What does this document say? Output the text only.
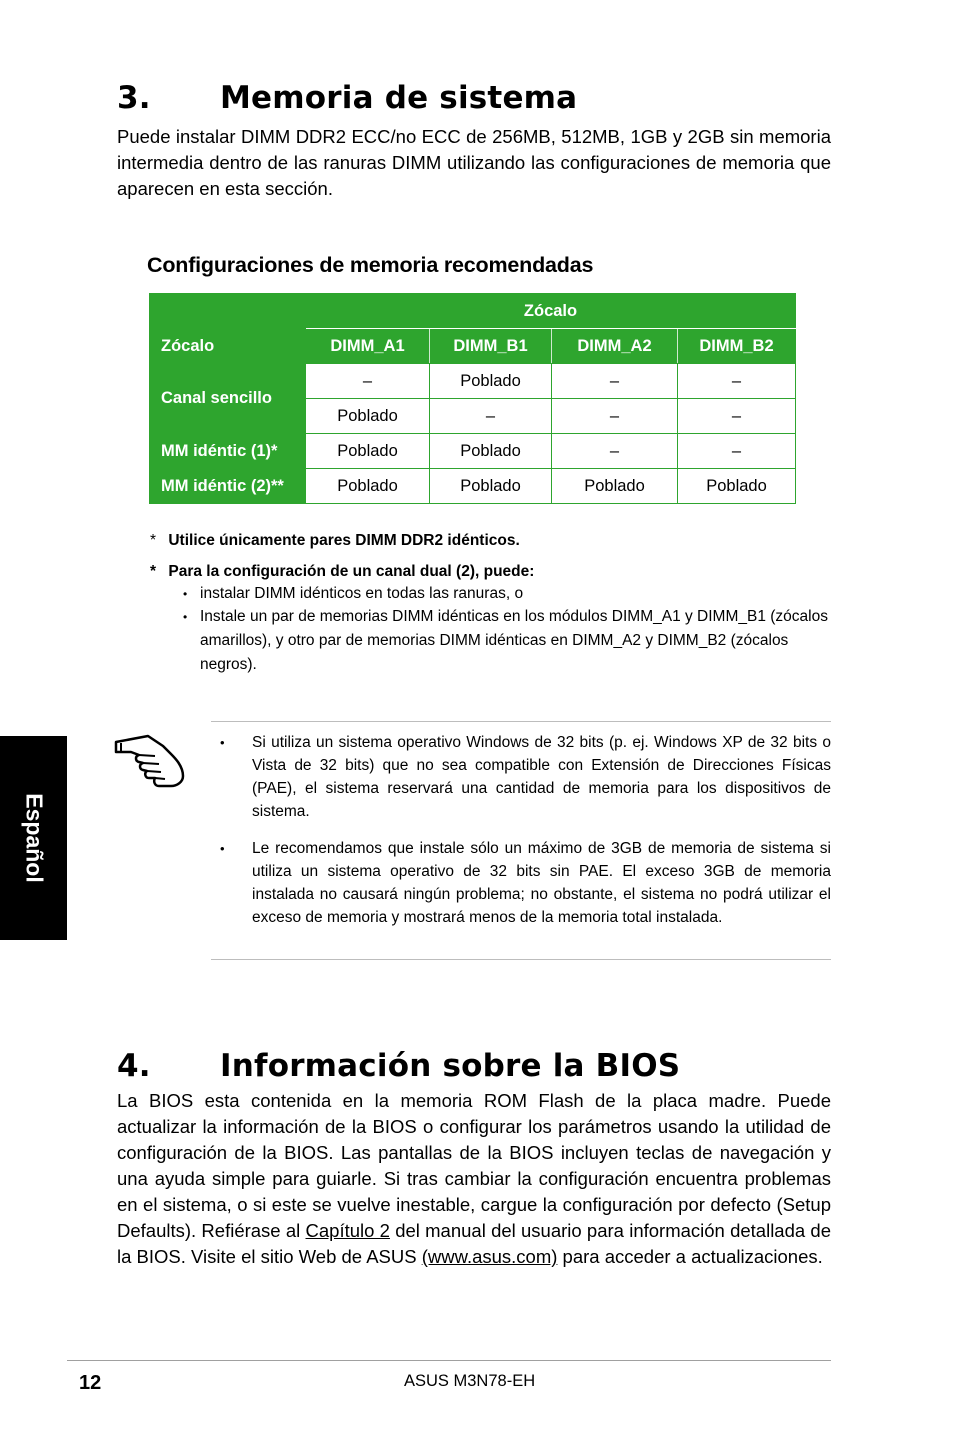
3. Memoria de sistema

Puede instalar DIMM DDR2 ECC/no ECC de 256MB, 512MB, 1GB y 2GB sin memoria intermedia dentro de las ranuras DIMM utilizando las configuraciones de memoria que aparecen en esta sección.

Configuraciones de memoria recomendadas
	Zócalo			
Zócalo	DIMM_A1	DIMM_B1	DIMM_A2	DIMM_B2
Canal sencillo	–	Poblado	–	–
	Poblado	–	–	–
MM idéntic (1)*	Poblado	Poblado	–	–
MM idéntic (2)**	Poblado	Poblado	Poblado	Poblado
* Utilice únicamente pares DIMM DDR2 idénticos.
* Para la configuración de un canal dual (2), puede:
• instalar DIMM idénticos en todas las ranuras, o
• Instale un par de memorias DIMM idénticas en los módulos DIMM_A1 y DIMM_B1 (zócalos amarillos), y otro par de memorias DIMM idénticas en DIMM_A2 y DIMM_B2 (zócalos negros).
• Si utiliza un sistema operativo Windows de 32 bits (p. ej. Windows XP de 32 bits o Vista de 32 bits) que no sea compatible con Extensión de Direcciones Físicas (PAE), el sistema reservará una cantidad de memoria para los dispositivos de sistema.
• Le recomendamos que instale sólo un máximo de 3GB de memoria de sistema si utiliza un sistema operativo de 32 bits sin PAE. El exceso 3GB de memoria instalada no causará ningún problema; no obstante, el sistema no podrá utilizar el exceso de memoria y mostrará menos de la memoria total instalada.
Español
4. Información sobre la BIOS

La BIOS esta contenida en la memoria ROM Flash de la placa madre. Puede actualizar la información de la BIOS o configurar los parámetros usando la utilidad de configuración de la BIOS. Las pantallas de la BIOS incluyen teclas de navegación y una ayuda simple para guiarle. Si tras cambiar la configuración encuentra problemas en el sistema, o si este se vuelve inestable, cargue la configuración por defecto (Setup Defaults). Refiérase al Capítulo 2 del manual del usuario para información detallada de la BIOS. Visite el sitio Web de ASUS (www.asus.com) para acceder a actualizaciones.

12	ASUS M3N78-EH
